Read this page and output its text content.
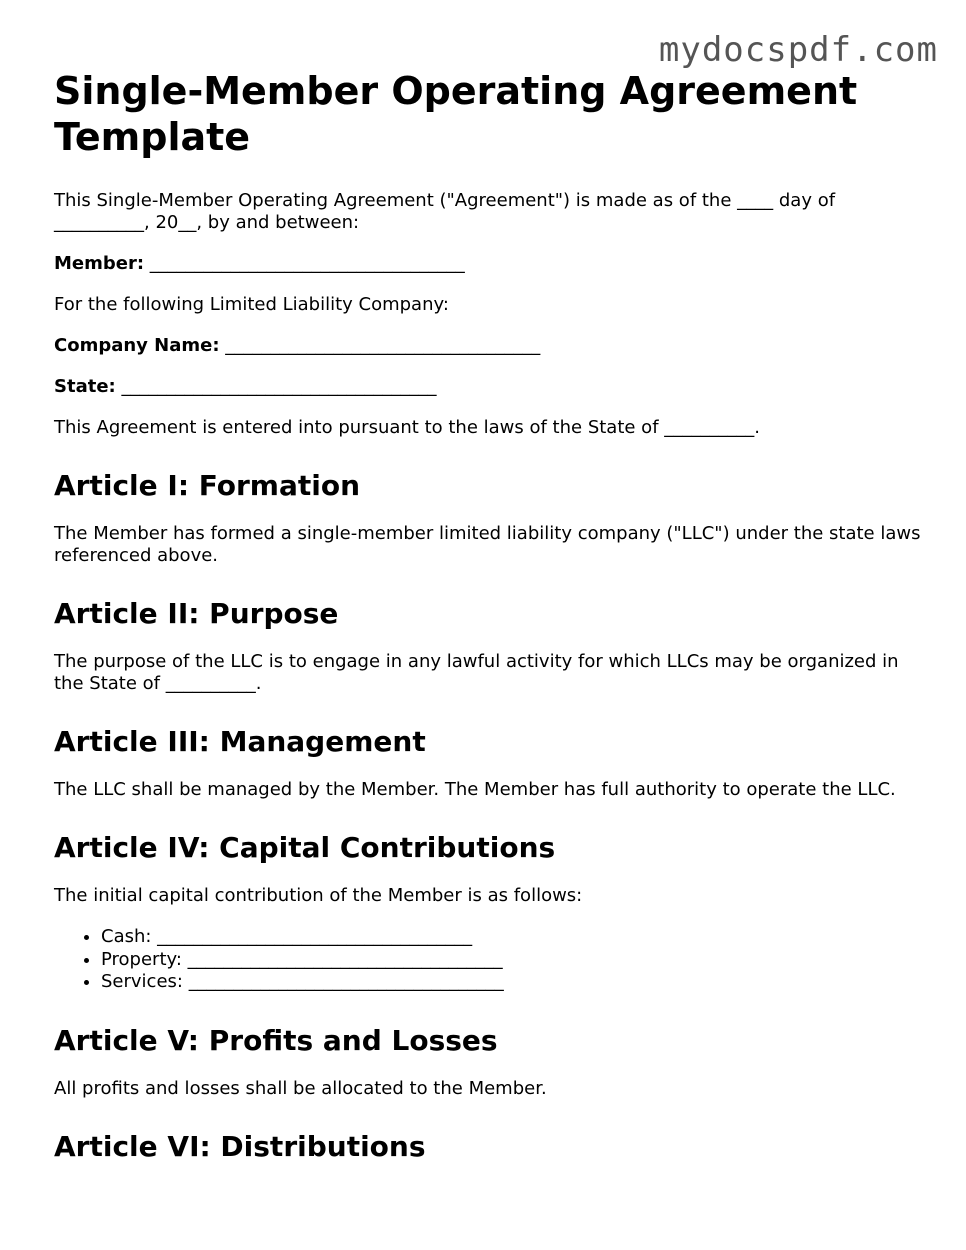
mydocspdf.com
Single-Member Operating Agreement Template

This Single-Member Operating Agreement ("Agreement") is made as of the ____ day of __________, 20__, by and between:

Member: ___________________________________

For the following Limited Liability Company:

Company Name: ___________________________________

State: ___________________________________

This Agreement is entered into pursuant to the laws of the State of __________.

Article I: Formation

The Member has formed a single-member limited liability company ("LLC") under the state laws referenced above.

Article II: Purpose

The purpose of the LLC is to engage in any lawful activity for which LLCs may be organized in the State of __________.

Article III: Management

The LLC shall be managed by the Member. The Member has full authority to operate the LLC.

Article IV: Capital Contributions

The initial capital contribution of the Member is as follows:

• Cash: ___________________________________
• Property: ___________________________________
• Services: ___________________________________
Article V: Profits and Losses

All profits and losses shall be allocated to the Member.

Article VI: Distributions
